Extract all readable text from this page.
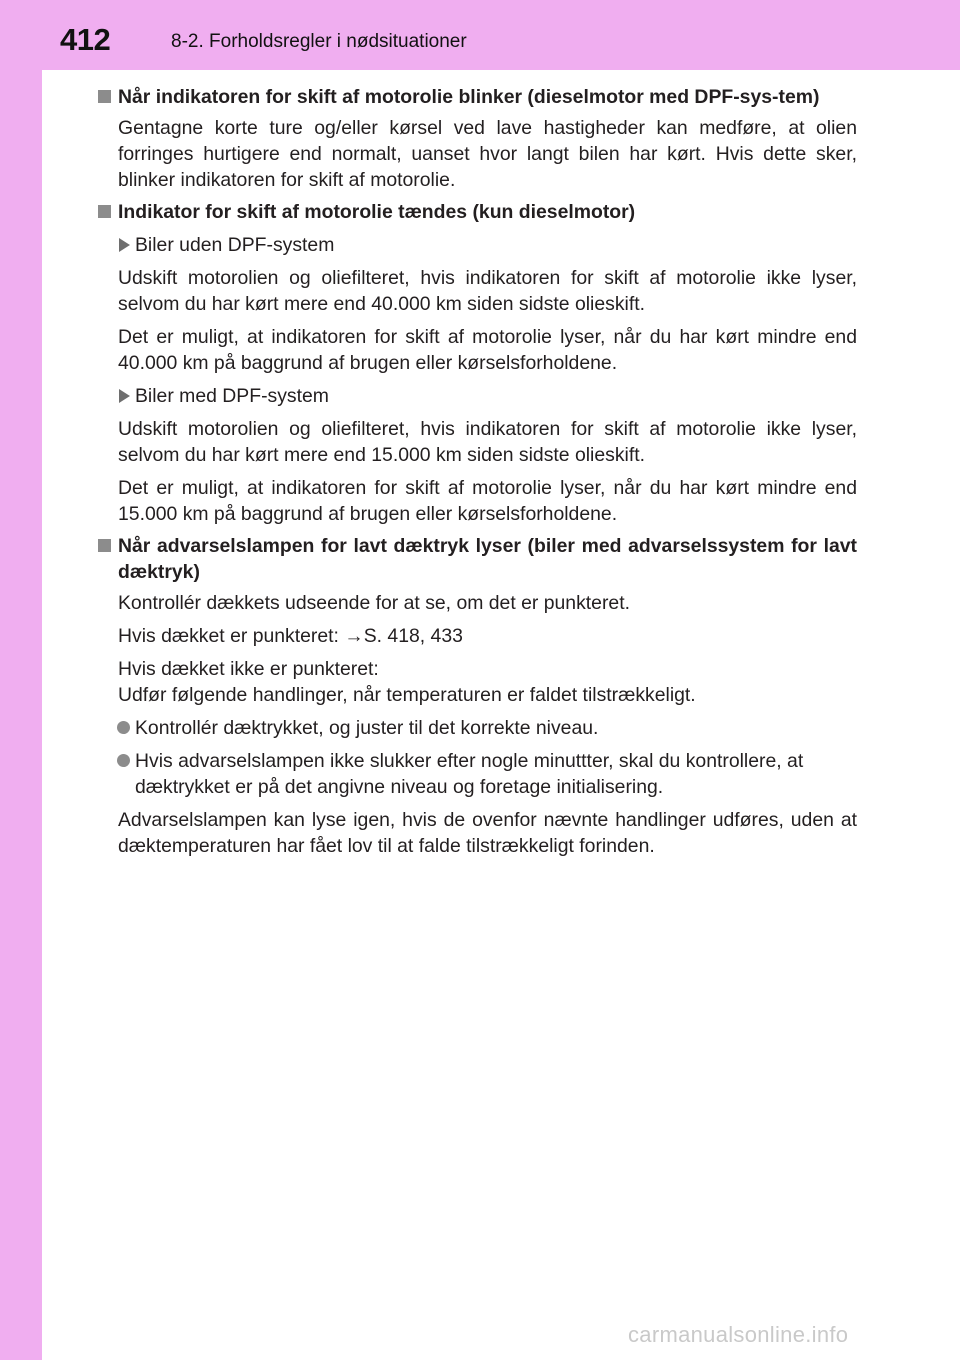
412	8-2. Forholdsregler i nødsituationer
Når indikatoren for skift af motorolie blinker (dieselmotor med DPF-sys-tem)
Gentagne korte ture og/eller kørsel ved lave hastigheder kan medføre, at olien forringes hurtigere end normalt, uanset hvor langt bilen har kørt. Hvis dette sker, blinker indikatoren for skift af motorolie.
Indikator for skift af motorolie tændes (kun dieselmotor)
Biler uden DPF-system
Udskift motorolien og oliefilteret, hvis indikatoren for skift af motorolie ikke lyser, selvom du har kørt mere end 40.000 km siden sidste olieskift.
Det er muligt, at indikatoren for skift af motorolie lyser, når du har kørt mindre end 40.000 km på baggrund af brugen eller kørselsforholdene.
Biler med DPF-system
Udskift motorolien og oliefilteret, hvis indikatoren for skift af motorolie ikke lyser, selvom du har kørt mere end 15.000 km siden sidste olieskift.
Det er muligt, at indikatoren for skift af motorolie lyser, når du har kørt mindre end 15.000 km på baggrund af brugen eller kørselsforholdene.
Når advarselslampen for lavt dæktryk lyser (biler med advarselssystem for lavt dæktryk)
Kontrollér dækkets udseende for at se, om det er punkteret.
Hvis dækket er punkteret: →S. 418, 433
Hvis dækket ikke er punkteret:
Udfør følgende handlinger, når temperaturen er faldet tilstrækkeligt.
Kontrollér dæktrykket, og juster til det korrekte niveau.
Hvis advarselslampen ikke slukker efter nogle minuttter, skal du kontrollere, at dæktrykket er på det angivne niveau og foretage initialisering.
Advarselslampen kan lyse igen, hvis de ovenfor nævnte handlinger udføres, uden at dæktemperaturen har fået lov til at falde tilstrækkeligt forinden.
carmanualsonline.info
